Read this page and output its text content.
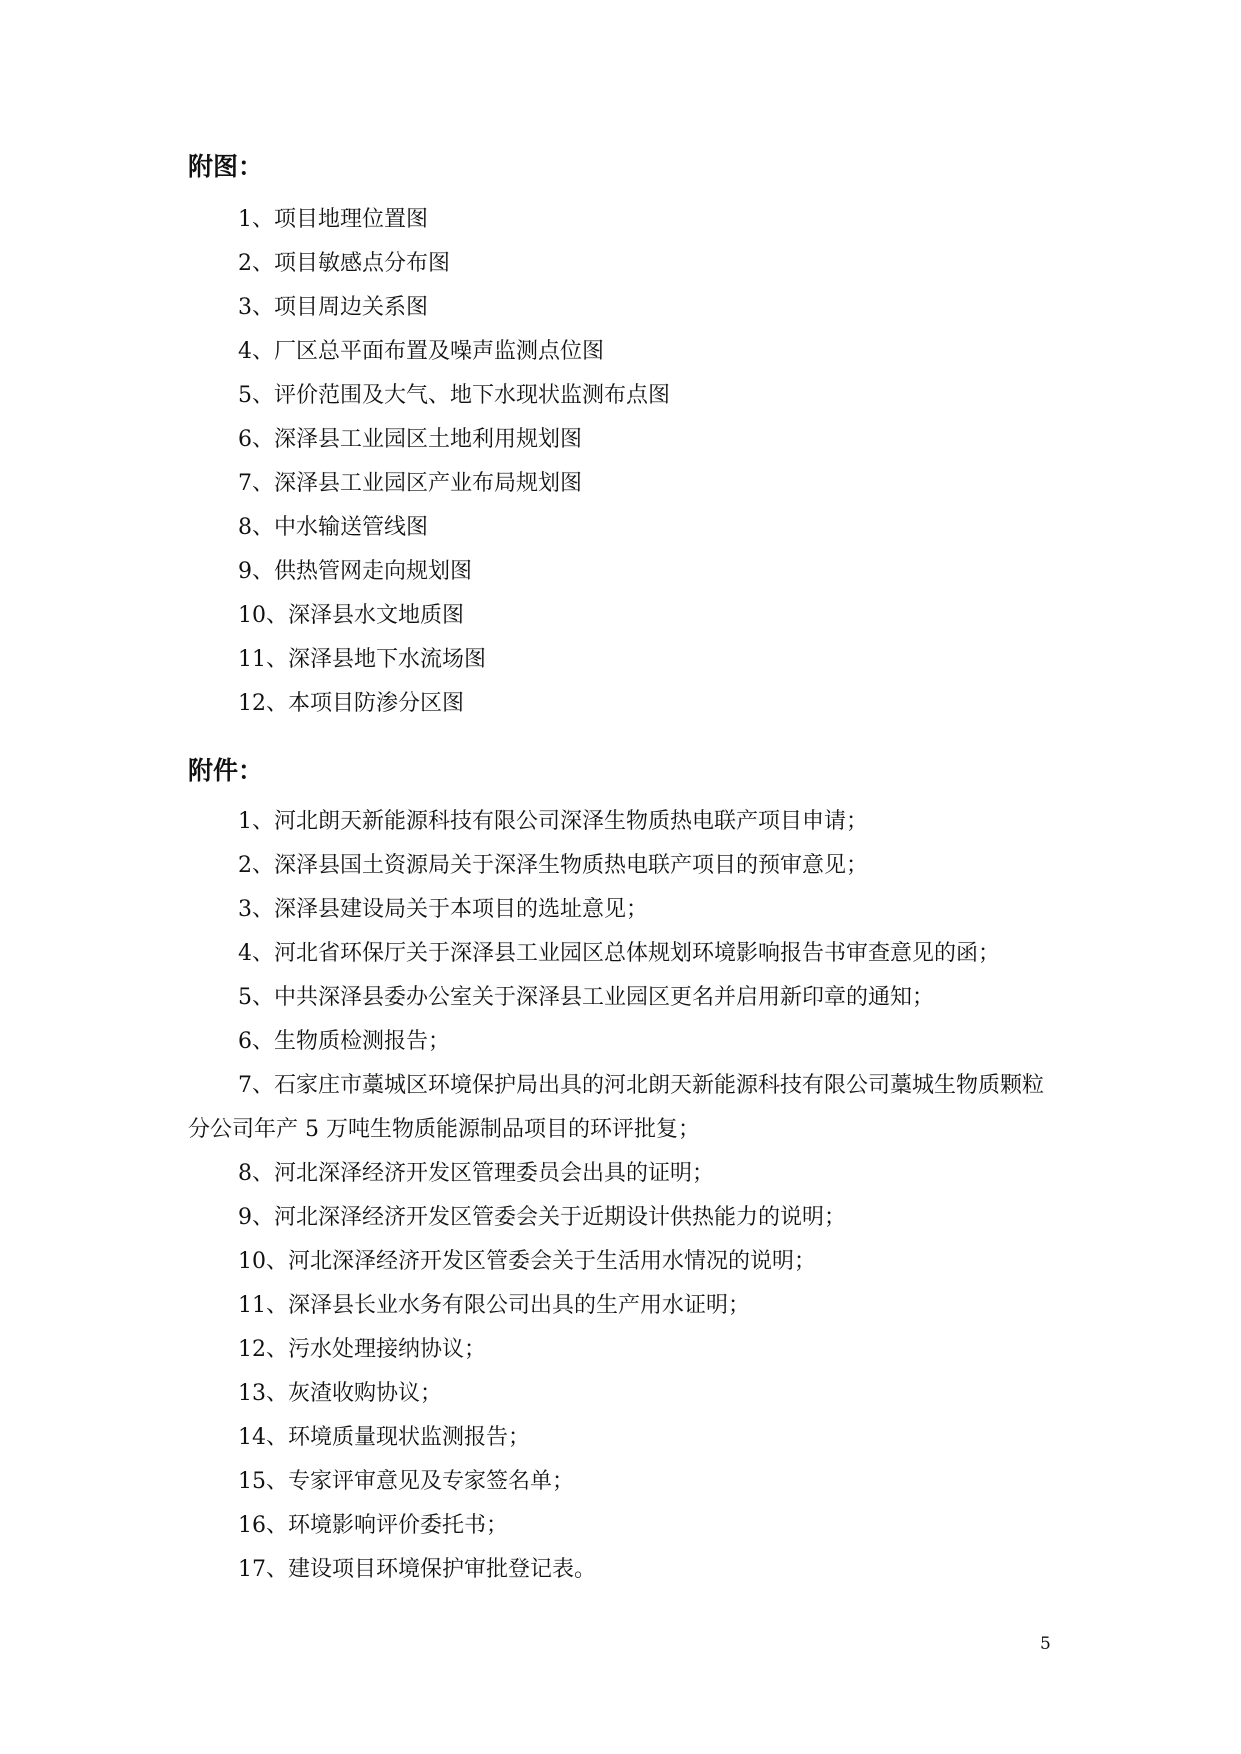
附图：
1、项目地理位置图
2、项目敏感点分布图
3、项目周边关系图
4、厂区总平面布置及噪声监测点位图
5、评价范围及大气、地下水现状监测布点图
6、深泽县工业园区土地利用规划图
7、深泽县工业园区产业布局规划图
8、中水输送管线图
9、供热管网走向规划图
10、深泽县水文地质图
11、深泽县地下水流场图
12、本项目防渗分区图
附件：
1、河北朗天新能源科技有限公司深泽生物质热电联产项目申请；
2、深泽县国土资源局关于深泽生物质热电联产项目的预审意见；
3、深泽县建设局关于本项目的选址意见；
4、河北省环保厅关于深泽县工业园区总体规划环境影响报告书审查意见的函；
5、中共深泽县委办公室关于深泽县工业园区更名并启用新印章的通知；
6、生物质检测报告；
7、石家庄市藁城区环境保护局出具的河北朗天新能源科技有限公司藁城生物质颗粒分公司年产 5 万吨生物质能源制品项目的环评批复；
8、河北深泽经济开发区管理委员会出具的证明；
9、河北深泽经济开发区管委会关于近期设计供热能力的说明；
10、河北深泽经济开发区管委会关于生活用水情况的说明；
11、深泽县长业水务有限公司出具的生产用水证明；
12、污水处理接纳协议；
13、灰渣收购协议；
14、环境质量现状监测报告；
15、专家评审意见及专家签名单；
16、环境影响评价委托书；
17、建设项目环境保护审批登记表。
5
